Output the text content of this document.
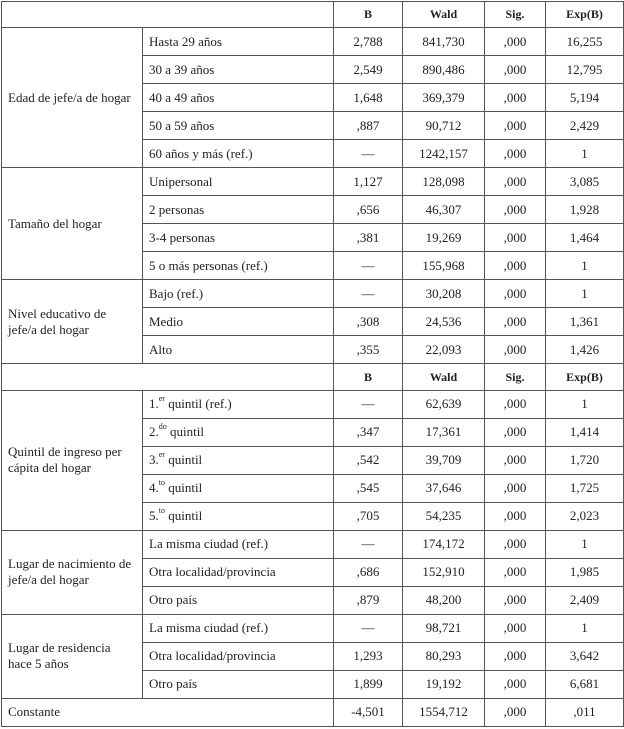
		B	Wald	Sig.	Exp(B)
Edad de jefe/a de hogar	Hasta 29 años	2,788	841,730	,000	16,255
	30 a 39 años	2,549	890,486	,000	12,795
	40 a 49 años	1,648	369,379	,000	5,194
	50 a 59 años	,887	90,712	,000	2,429
	60 años y más (ref.)	—	1242,157	,000	1
Tamaño del hogar	Unipersonal	1,127	128,098	,000	3,085
	2 personas	,656	46,307	,000	1,928
	3-4 personas	,381	19,269	,000	1,464
	5 o más personas (ref.)	—	155,968	,000	1
Nivel educativo de jefe/a del hogar	Bajo (ref.)	—	30,208	,000	1
	Medio	,308	24,536	,000	1,361
	Alto	,355	22,093	,000	1,426
		B	Wald	Sig.	Exp(B)
Quintil de ingreso per cápita del hogar	1.$^{er}$ quintil (ref.)	—	62,639	,000	1
	2.$^{do}$ quintil	,347	17,361	,000	1,414
	3.$^{er}$ quintil	,542	39,709	,000	1,720
	4.$^{to}$ quintil	,545	37,646	,000	1,725
	5.$^{to}$ quintil	,705	54,235	,000	2,023
Lugar de nacimiento de jefe/a del hogar	La misma ciudad (ref.)	—	174,172	,000	1
	Otra localidad/provincia	,686	152,910	,000	1,985
	Otro país	,879	48,200	,000	2,409
Lugar de residencia hace 5 años	La misma ciudad (ref.)	—	98,721	,000	1
	Otra localidad/provincia	1,293	80,293	,000	3,642
	Otro país	1,899	19,192	,000	6,681
Constante		-4,501	1554,712	,000	,011
